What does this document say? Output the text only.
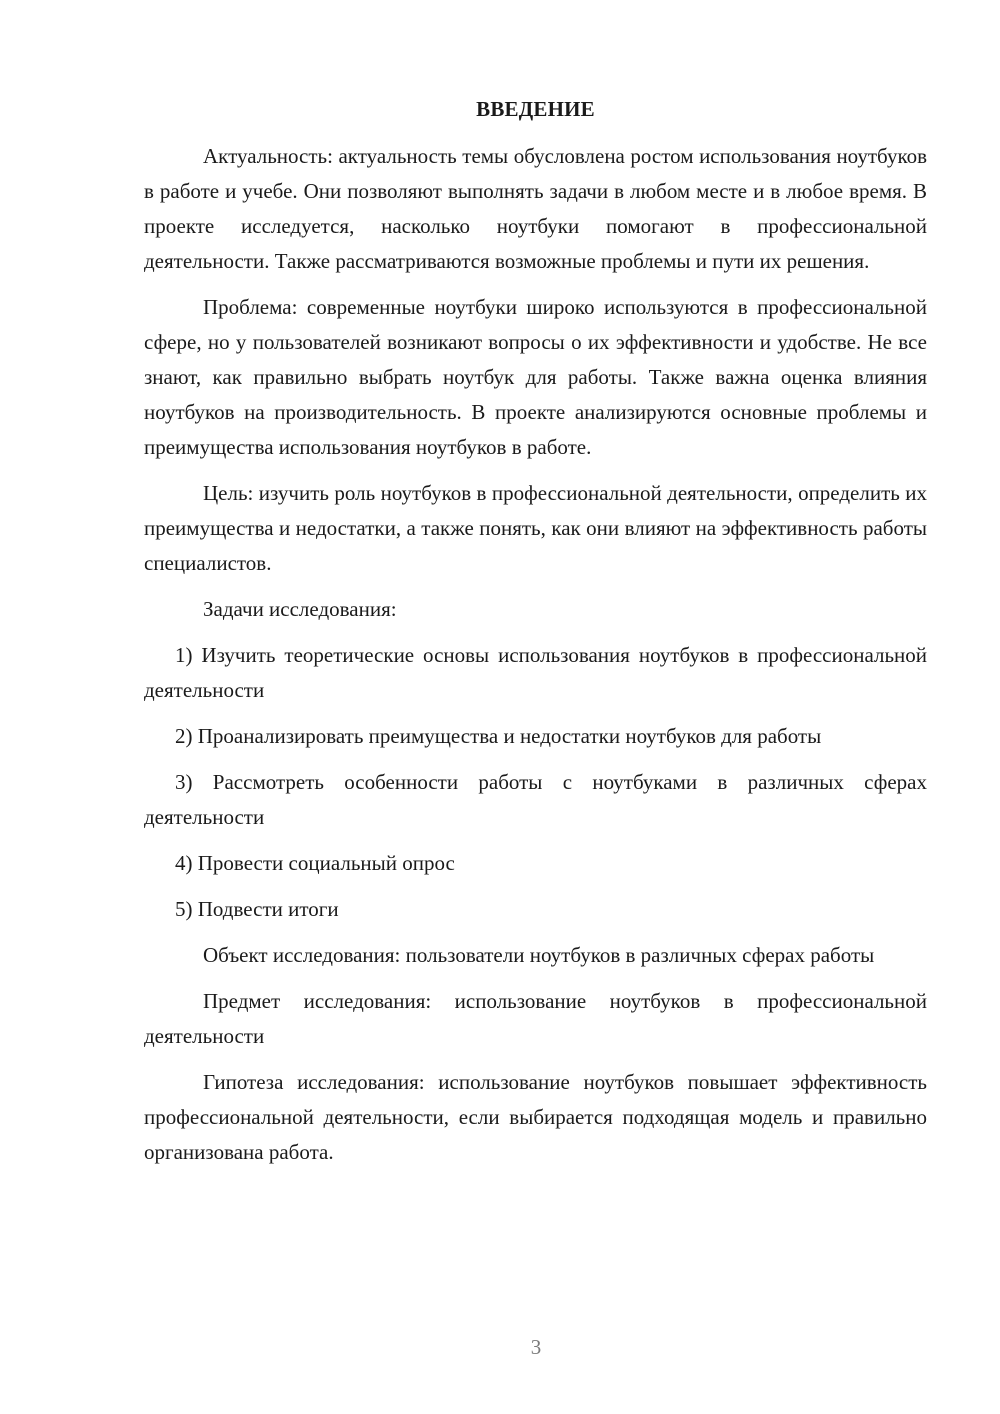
ВВЕДЕНИЕ

Актуальность: актуальность темы обусловлена ростом использования ноутбуков в работе и учебе. Они позволяют выполнять задачи в любом месте и в любое время. В проекте исследуется, насколько ноутбуки помогают в профессиональной деятельности. Также рассматриваются возможные проблемы и пути их решения.

Проблема: современные ноутбуки широко используются в профессиональной сфере, но у пользователей возникают вопросы о их эффективности и удобстве. Не все знают, как правильно выбрать ноутбук для работы. Также важна оценка влияния ноутбуков на производительность. В проекте анализируются основные проблемы и преимущества использования ноутбуков в работе.

Цель: изучить роль ноутбуков в профессиональной деятельности, определить их преимущества и недостатки, а также понять, как они влияют на эффективность работы специалистов.

Задачи исследования:

1) Изучить теоретические основы использования ноутбуков в профессиональной деятельности

2) Проанализировать преимущества и недостатки ноутбуков для работы

3) Рассмотреть особенности работы с ноутбуками в различных сферах деятельности

4) Провести социальный опрос

5) Подвести итоги

Объект исследования: пользователи ноутбуков в различных сферах работы

Предмет исследования: использование ноутбуков в профессиональной деятельности

Гипотеза исследования: использование ноутбуков повышает эффективность профессиональной деятельности, если выбирается подходящая модель и правильно организована работа.

3
